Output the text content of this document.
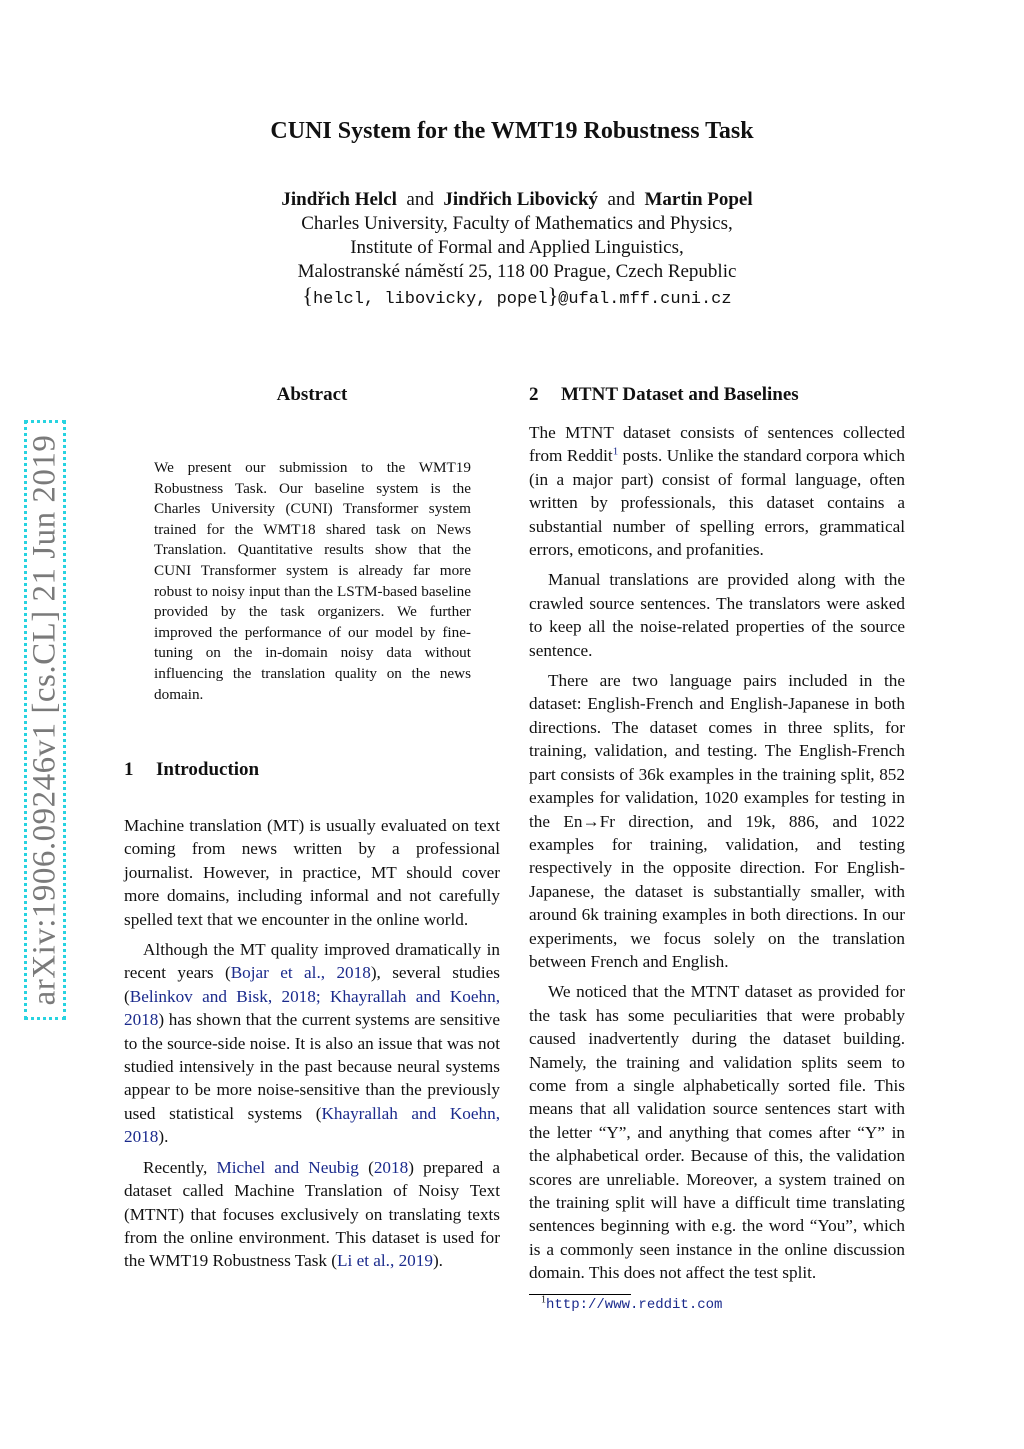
arXiv:1906.09246v1 [cs.CL] 21 Jun 2019
CUNI System for the WMT19 Robustness Task
Jindřich Helcl and Jindřich Libovický and Martin Popel
Charles University, Faculty of Mathematics and Physics,
Institute of Formal and Applied Linguistics,
Malostranské náměstí 25, 118 00 Prague, Czech Republic
{helcl, libovicky, popel}@ufal.mff.cuni.cz
Abstract
We present our submission to the WMT19 Robustness Task. Our baseline system is the Charles University (CUNI) Transformer system trained for the WMT18 shared task on News Translation. Quantitative results show that the CUNI Transformer system is already far more robust to noisy input than the LSTM-based baseline provided by the task organizers. We further improved the performance of our model by fine-tuning on the in-domain noisy data without influencing the translation quality on the news domain.
1 Introduction

Machine translation (MT) is usually evaluated on text coming from news written by a professional journalist. However, in practice, MT should cover more domains, including informal and not carefully spelled text that we encounter in the online world.

Although the MT quality improved dramatically in recent years (Bojar et al., 2018), several studies (Belinkov and Bisk, 2018; Khayrallah and Koehn, 2018) has shown that the current systems are sensitive to the source-side noise. It is also an issue that was not studied intensively in the past because neural systems appear to be more noise-sensitive than the previously used statistical systems (Khayrallah and Koehn, 2018).

Recently, Michel and Neubig (2018) prepared a dataset called Machine Translation of Noisy Text (MTNT) that focuses exclusively on translating texts from the online environment. This dataset is used for the WMT19 Robustness Task (Li et al., 2019).

2 MTNT Dataset and Baselines

The MTNT dataset consists of sentences collected from Reddit$^1$ posts. Unlike the standard corpora which (in a major part) consist of formal language, often written by professionals, this dataset contains a substantial number of spelling errors, grammatical errors, emoticons, and profanities.

Manual translations are provided along with the crawled source sentences. The translators were asked to keep all the noise-related properties of the source sentence.

There are two language pairs included in the dataset: English-French and English-Japanese in both directions. The dataset comes in three splits, for training, validation, and testing. The English-French part consists of 36k examples in the training split, 852 examples for validation, 1020 examples for testing in the En→Fr direction, and 19k, 886, and 1022 examples for training, validation, and testing respectively in the opposite direction. For English-Japanese, the dataset is substantially smaller, with around 6k training examples in both directions. In our experiments, we focus solely on the translation between French and English.

We noticed that the MTNT dataset as provided for the task has some peculiarities that were probably caused inadvertently during the dataset building. Namely, the training and validation splits seem to come from a single alphabetically sorted file. This means that all validation source sentences start with the letter “Y”, and anything that comes after “Y” in the alphabetical order. Because of this, the validation scores are unreliable. Moreover, a system trained on the training split will have a difficult time translating sentences beginning with e.g. the word “You”, which is a commonly seen instance in the online discussion domain. This does not affect the test split.

$^1$http://www.reddit.com
